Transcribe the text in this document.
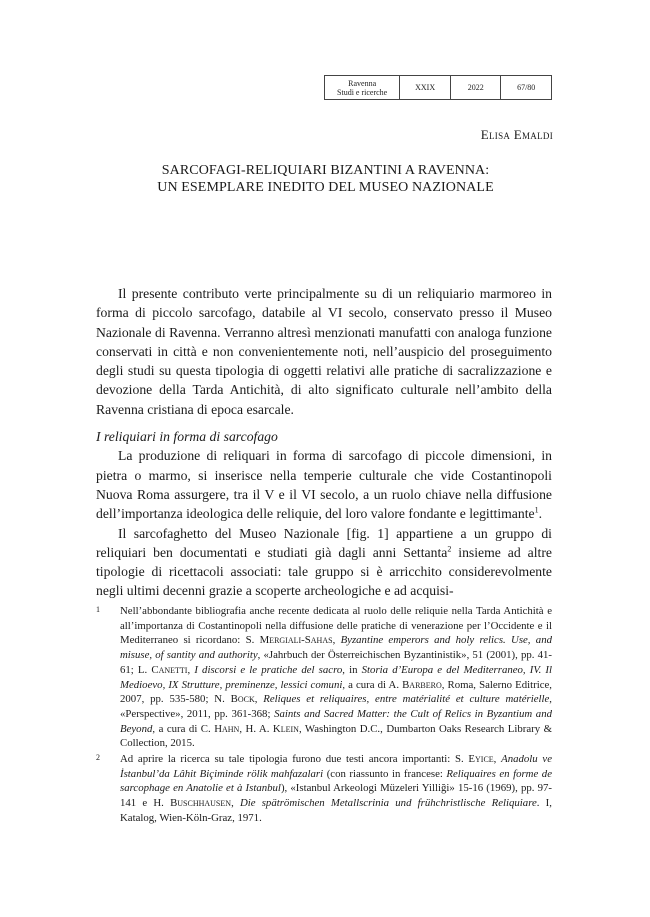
Ravenna
Studi e ricerche	XXIX	2022	67/80
Elisa Emaldi
SARCOFAGI-RELIQUIARI BIZANTINI A RAVENNA:
UN ESEMPLARE INEDITO DEL MUSEO NAZIONALE

Il presente contributo verte principalmente su di un reliquiario marmoreo in forma di piccolo sarcofago, databile al VI secolo, conservato presso il Museo Nazionale di Ravenna. Verranno altresì menzionati manufatti con analoga funzione conservati in città e non convenientemente noti, nell’auspicio del proseguimento degli studi su questa tipologia di oggetti relativi alle pratiche di sacralizzazione e devozione della Tarda Antichità, di alto significato culturale nell’ambito della Ravenna cristiana di epoca esarcale.

I reliquiari in forma di sarcofago

La produzione di reliquari in forma di sarcofago di piccole dimensioni, in pietra o marmo, si inserisce nella temperie culturale che vide Costantinopoli Nuova Roma assurgere, tra il V e il VI secolo, a un ruolo chiave nella diffusione dell’importanza ideologica delle reliquie, del loro valore fondante e legittimante$^1$.

Il sarcofaghetto del Museo Nazionale [fig. 1] appartiene a un gruppo di reliquiari ben documentati e studiati già dagli anni Settanta$^2$ insieme ad altre tipologie di ricettacoli associati: tale gruppo si è arricchito considerevolmente negli ultimi decenni grazie a scoperte archeologiche e ad acquisi-

1 Nell’abbondante bibliografia anche recente dedicata al ruolo delle reliquie nella Tarda Antichità e all’importanza di Costantinopoli nella diffusione delle pratiche di venerazione per l’Occidente e il Mediterraneo si ricordano: S. Mergiali-Sahas, Byzantine emperors and holy relics. Use, and misuse, of santity and authority, «Jahrbuch der Österreichischen Byzantinistik», 51 (2001), pp. 41-61; L. Canetti, I discorsi e le pratiche del sacro, in Storia d’Europa e del Mediterraneo, IV. Il Medioevo, IX Strutture, preminenze, lessici comuni, a cura di A. Barbero, Roma, Salerno Editrice, 2007, pp. 535-580; N. Bock, Reliques et reliquaires, entre matérialité et culture matérielle, «Perspective», 2011, pp. 361-368; Saints and Sacred Matter: the Cult of Relics in Byzantium and Beyond, a cura di C. Hahn, H. A. Klein, Washington D.C., Dumbarton Oaks Research Library & Collection, 2015.
2 Ad aprire la ricerca su tale tipologia furono due testi ancora importanti: S. Eyice, Anadolu ve İstanbul’da Lâhit Biçiminde rölik mahfazalari (con riassunto in francese: Reliquaires en forme de sarcophage en Anatolie et à Istanbul), «Istanbul Arkeologi Müzeleri Yilliği» 15-16 (1969), pp. 97-141 e H. Buschhausen, Die spätrömischen Metallscrinia und frühchristlische Reliquiare. I, Katalog, Wien-Köln-Graz, 1971.
